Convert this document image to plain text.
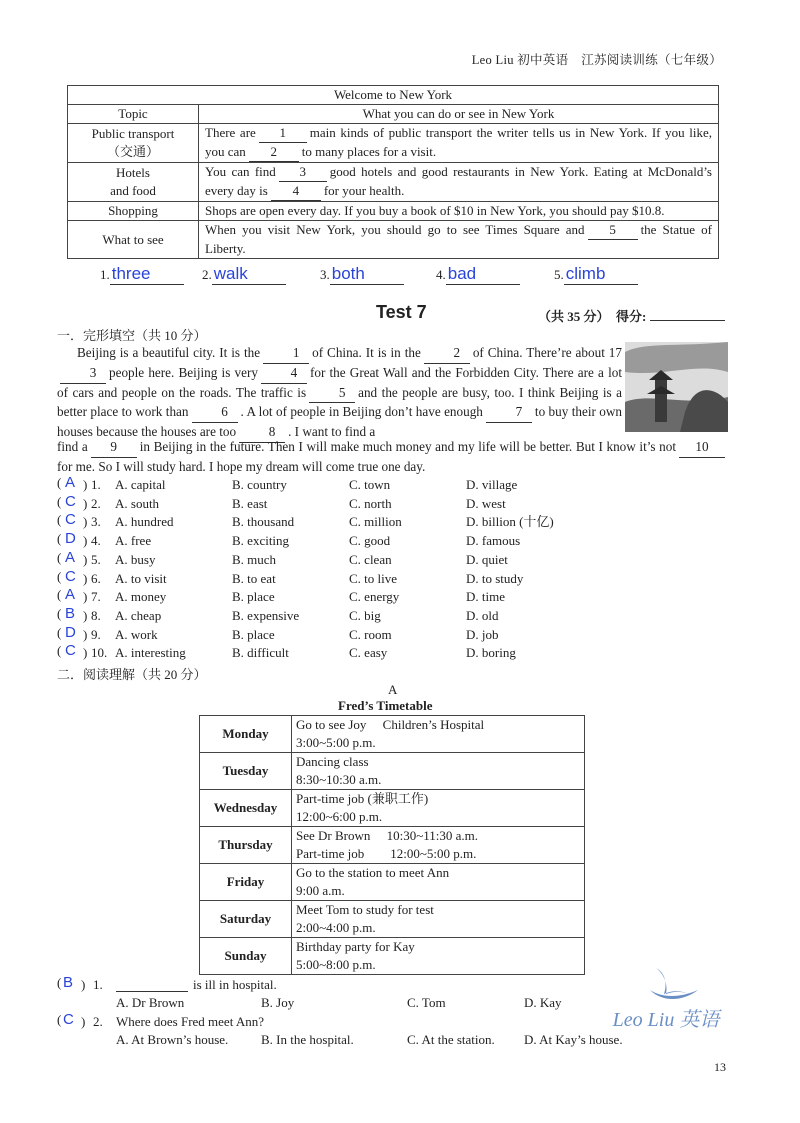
Leo Liu 初中英语　江苏阅读训练（七年级）
Welcome to New York	
Topic	What you can do or see in New York
Public transport
（交通）	There are 1 main kinds of public transport the writer tells us in New York. If you like, you can 2 to many places for a visit.
Hotels
and food	You can find 3 good hotels and good restaurants in New York. Eating at McDonald’s every day is 4 for your health.
Shopping	Shops are open every day. If you buy a book of $10 in New York, you should pay $10.8.
What to see	When you visit New York, you should go to see Times Square and 5 the Statue of Liberty.
1. three	2. walk	3. both	4. bad	5. climb
Test 7	（共 35 分）　得分:
一．完形填空（共 10 分）
Beijing is a beautiful city. It is the 1 of China. It is in the 2 of China. There’re about 173 people here. Beijing is very 4 for the Great Wall and the Forbidden City. There are a lot of cars and people on the roads. The traffic is 5 and the people are busy, too. I think Beijing is a better place to work than 6 . A lot of people in Beijing don’t have enough 7 to buy their own houses because the houses are too 8 . I want to find a
find a 9 in Beijing in the future. Then I will make much money and my life will be better. But I know it’s not 10for me. So I will study hard. I hope my dream will come true one day.
( A ) 1. A. capital	B. country	C. town	D. village
( C ) 2. A. south	B. east	C. north	D. west
( C ) 3. A. hundred	B. thousand	C. million	D. billion (十亿)
( D ) 4. A. free	B. exciting	C. good	D. famous
( A ) 5. A. busy	B. much	C. clean	D. quiet
( C ) 6. A. to visit	B. to eat	C. to live	D. to study
( A ) 7. A. money	B. place	C. energy	D. time
( B ) 8. A. cheap	B. expensive	C. big	D. old
( D ) 9. A. work	B. place	C. room	D. job
( C ) 10. A. interesting	B. difficult	C. easy	D. boring
二．阅读理解（共 20 分）
A
Fred’s Timetable
Monday	Go to see Joy　 Children’s Hospital
3:00~5:00 p.m.

Tuesday	Dancing class
8:30~10:30 a.m.

Wednesday	Part-time job (兼职工作)
12:00~6:00 p.m.

Thursday	See Dr Brown　 10:30~11:30 a.m.
Part-time job　　12:00~5:00 p.m.

Friday	Go to the station to meet Ann
9:00 a.m.

Saturday	Meet Tom to study for test
2:00~4:00 p.m.

Sunday	Birthday party for Kay
5:00~8:00 p.m.
( B ) 1.	is ill in hospital.
A. Dr Brown	B. Joy	C. Tom	D. Kay
( C ) 2. Where does Fred meet Ann?
A. At Brown’s house.	B. In the hospital.	C. At the station. D. At Kay’s house.
Leo Liu 英语
13
